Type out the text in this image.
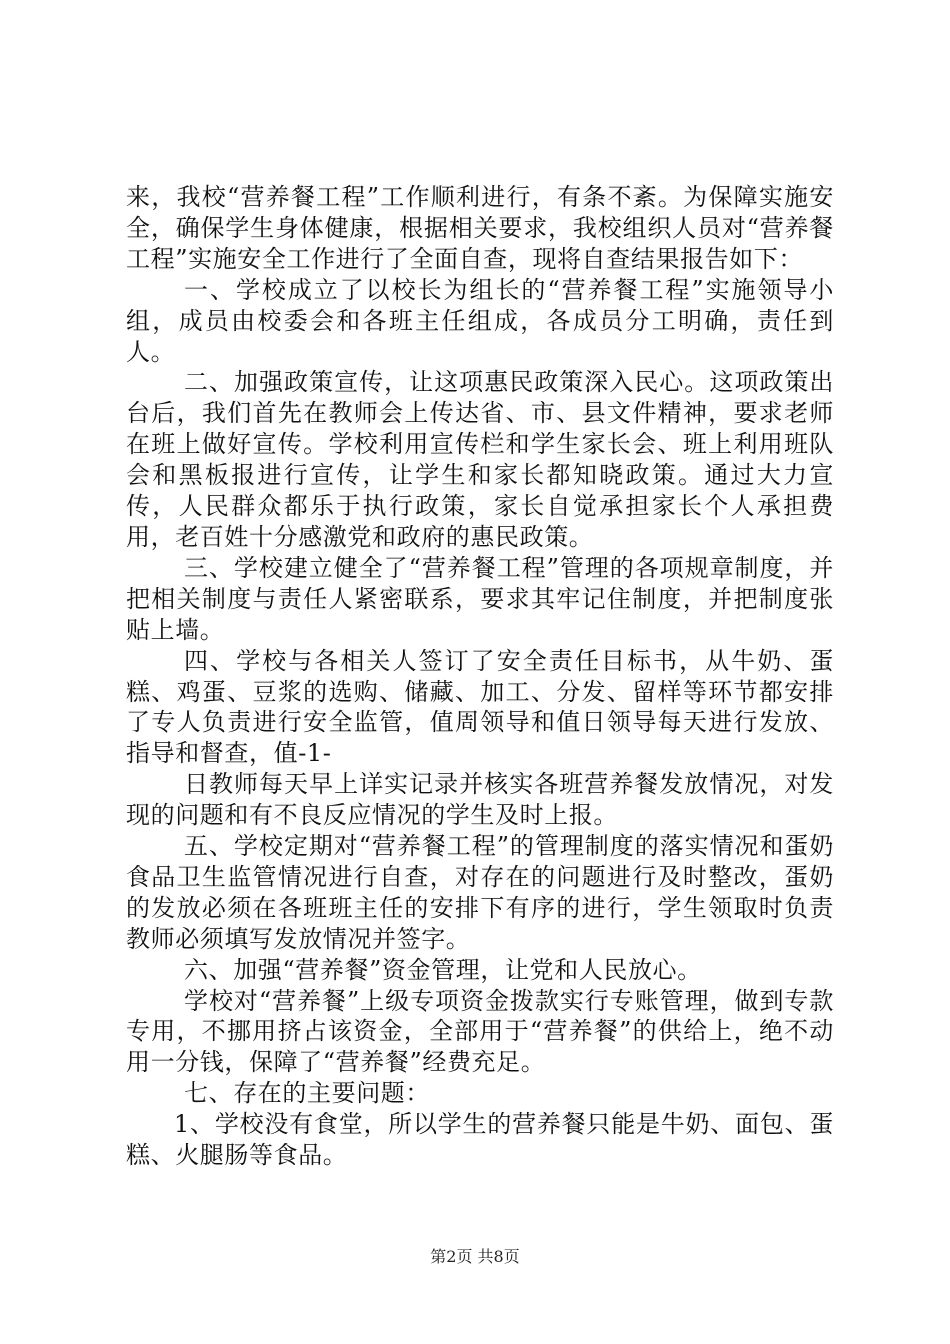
来，我校“营养餐工程”工作顺利进行，有条不紊。为保障实施安全，确保学生身体健康，根据相关要求，我校组织人员对“营养餐工程”实施安全工作进行了全面自查，现将自查结果报告如下：

一、学校成立了以校长为组长的“营养餐工程”实施领导小组，成员由校委会和各班主任组成，各成员分工明确，责任到人。

二、加强政策宣传，让这项惠民政策深入民心。这项政策出台后，我们首先在教师会上传达省、市、县文件精神，要求老师在班上做好宣传。学校利用宣传栏和学生家长会、班上利用班队会和黑板报进行宣传，让学生和家长都知晓政策。通过大力宣传，人民群众都乐于执行政策，家长自觉承担家长个人承担费用，老百姓十分感激党和政府的惠民政策。

三、学校建立健全了“营养餐工程”管理的各项规章制度，并把相关制度与责任人紧密联系，要求其牢记住制度，并把制度张贴上墙。

四、学校与各相关人签订了安全责任目标书，从牛奶、蛋糕、鸡蛋、豆浆的选购、储藏、加工、分发、留样等环节都安排了专人负责进行安全监管，值周领导和值日领导每天进行发放、指导和督查，值-1-

日教师每天早上详实记录并核实各班营养餐发放情况，对发现的问题和有不良反应情况的学生及时上报。

五、学校定期对“营养餐工程”的管理制度的落实情况和蛋奶食品卫生监管情况进行自查，对存在的问题进行及时整改，蛋奶的发放必须在各班班主任的安排下有序的进行，学生领取时负责教师必须填写发放情况并签字。

六、加强“营养餐”资金管理，让党和人民放心。

学校对“营养餐”上级专项资金拨款实行专账管理，做到专款专用，不挪用挤占该资金，全部用于“营养餐”的供给上，绝不动用一分钱，保障了“营养餐”经费充足。

七、存在的主要问题：

1、学校没有食堂，所以学生的营养餐只能是牛奶、面包、蛋糕、火腿肠等食品。

第2页 共8页
